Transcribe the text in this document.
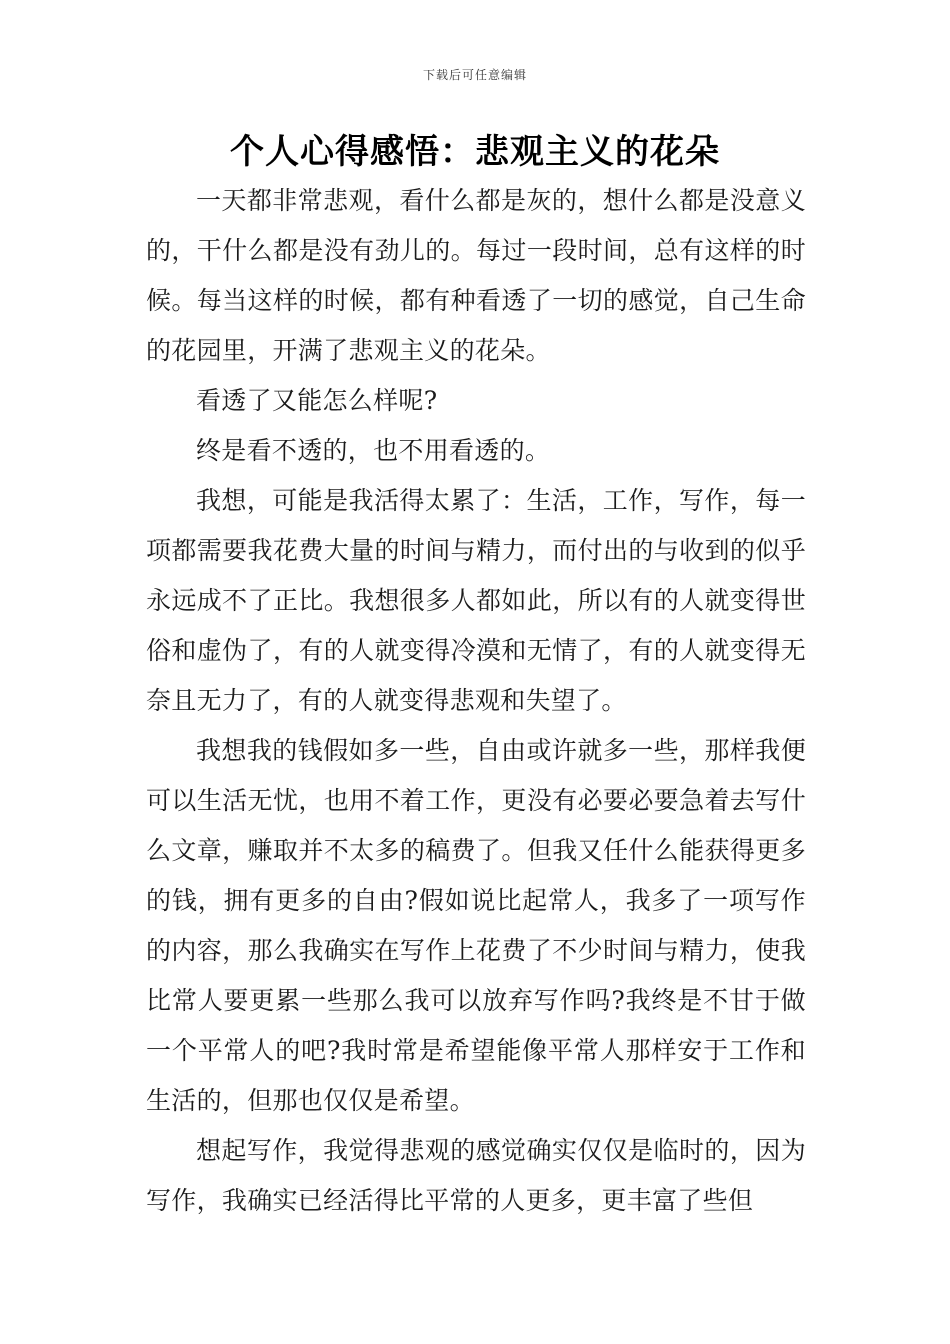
下载后可任意编辑
个人心得感悟：悲观主义的花朵

一天都非常悲观，看什么都是灰的，想什么都是没意义的，干什么都是没有劲儿的。每过一段时间，总有这样的时候。每当这样的时候，都有种看透了一切的感觉，自己生命的花园里，开满了悲观主义的花朵。

看透了又能怎么样呢?

终是看不透的，也不用看透的。

我想，可能是我活得太累了：生活，工作，写作，每一项都需要我花费大量的时间与精力，而付出的与收到的似乎永远成不了正比。我想很多人都如此，所以有的人就变得世俗和虚伪了，有的人就变得冷漠和无情了，有的人就变得无奈且无力了，有的人就变得悲观和失望了。

我想我的钱假如多一些，自由或许就多一些，那样我便可以生活无忧，也用不着工作，更没有必要必要急着去写什么文章，赚取并不太多的稿费了。但我又任什么能获得更多的钱，拥有更多的自由?假如说比起常人，我多了一项写作的内容，那么我确实在写作上花费了不少时间与精力，使我比常人要更累一些那么我可以放弃写作吗?我终是不甘于做一个平常人的吧?我时常是希望能像平常人那样安于工作和生活的，但那也仅仅是希望。

想起写作，我觉得悲观的感觉确实仅仅是临时的，因为写作，我确实已经活得比平常的人更多，更丰富了些但
